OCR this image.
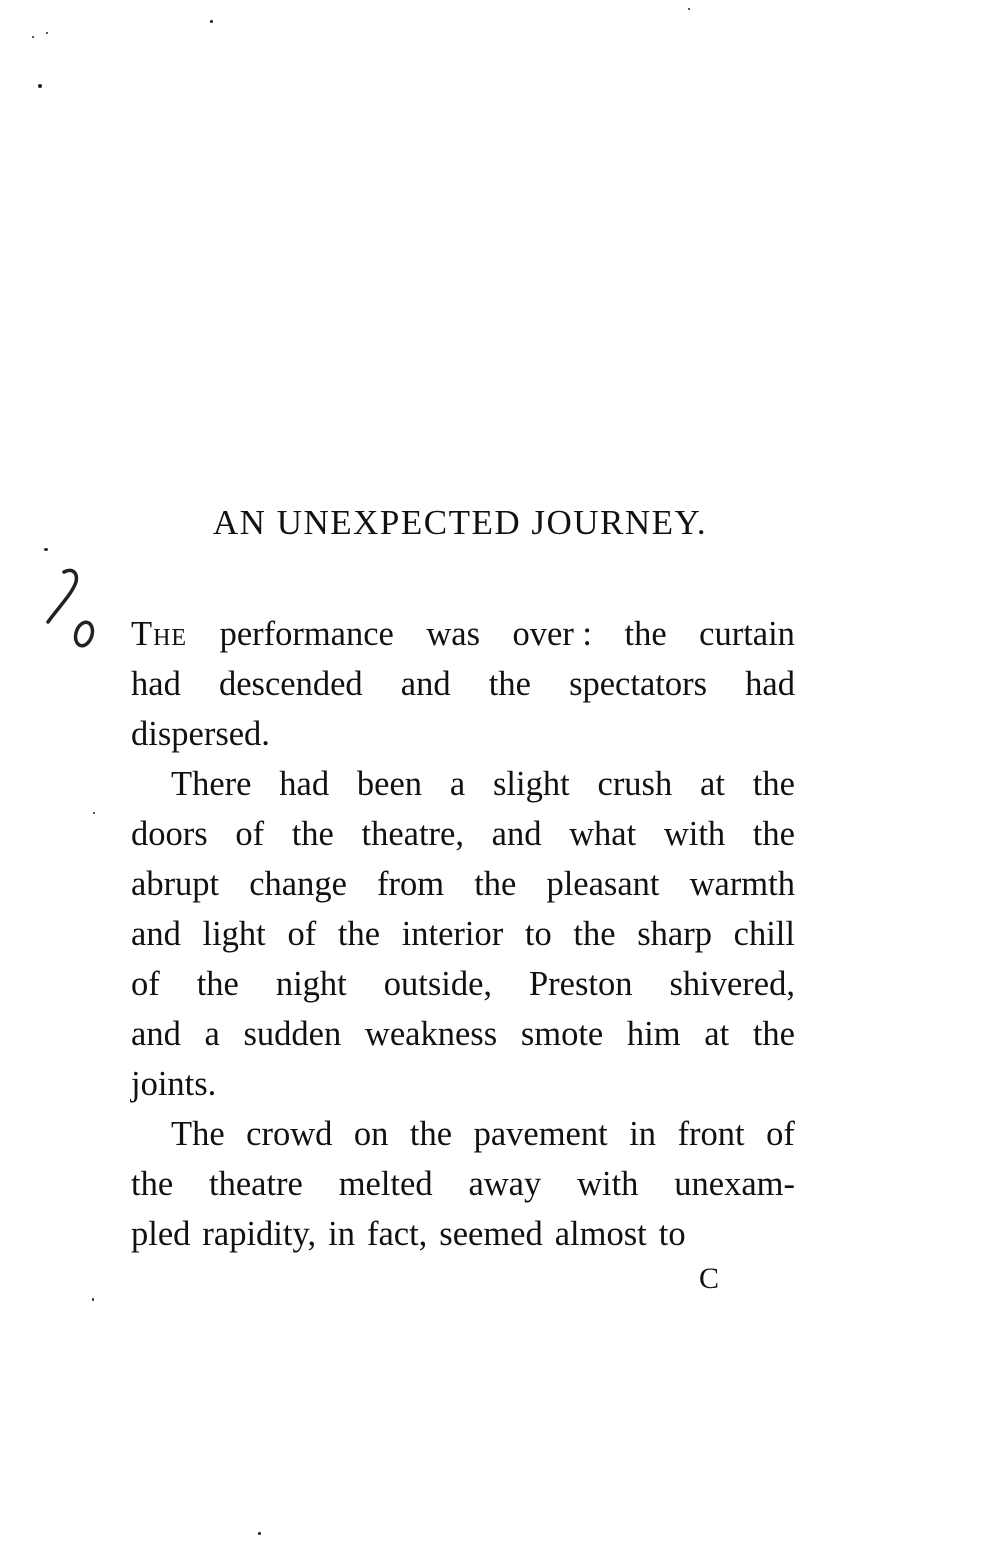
AN UNEXPECTED JOURNEY.
The performance was over : the curtain
had descended and the spectators had
dispersed.
There had been a slight crush at the
doors of the theatre, and what with the
abrupt change from the pleasant warmth
and light of the interior to the sharp chill
of the night outside, Preston shivered,
and a sudden weakness smote him at the
joints.
The crowd on the pavement in front of
the theatre melted away with unexam-
pled rapidity, in fact, seemed almost to
C
